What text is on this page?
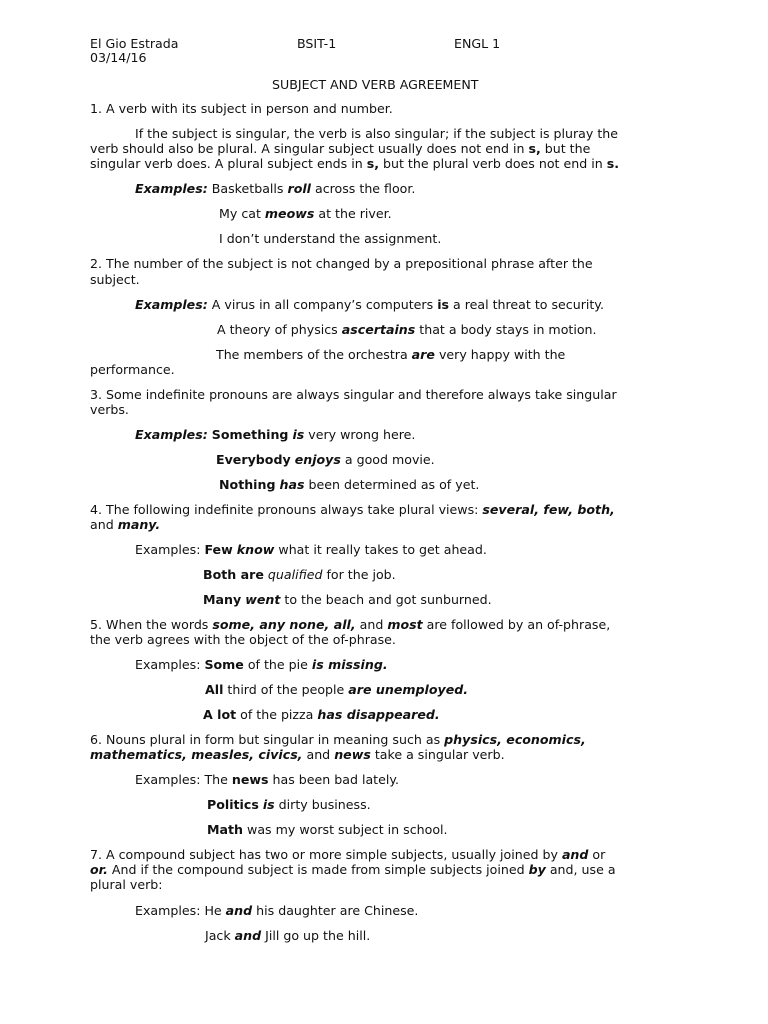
El Gio Estrada	BSIT-1	ENGL 1
03/14/16
SUBJECT AND VERB AGREEMENT
1. A verb with its subject in person and number.
If the subject is singular, the verb is also singular; if the subject is pluray the
verb should also be plural. A singular subject usually does not end in s, but the
singular verb does. A plural subject ends in s, but the plural verb does not end in s.
Examples: Basketballs roll across the floor.
My cat meows at the river.
I don’t understand the assignment.
2. The number of the subject is not changed by a prepositional phrase after the
subject.
Examples: A virus in all company’s computers is a real threat to security.
A theory of physics ascertains that a body stays in motion.
The members of the orchestra are very happy with the
performance.
3. Some indefinite pronouns are always singular and therefore always take singular
verbs.
Examples: Something is very wrong here.
Everybody enjoys a good movie.
Nothing has been determined as of yet.
4. The following indefinite pronouns always take plural views: several, few, both,
and many.
Examples: Few know what it really takes to get ahead.
Both are qualified for the job.
Many went to the beach and got sunburned.
5. When the words some, any none, all, and most are followed by an of-phrase,
the verb agrees with the object of the of-phrase.
Examples: Some of the pie is missing.
All third of the people are unemployed.
A lot of the pizza has disappeared.
6. Nouns plural in form but singular in meaning such as physics, economics,
mathematics, measles, civics, and news take a singular verb.
Examples: The news has been bad lately.
Politics is dirty business.
Math was my worst subject in school.
7. A compound subject has two or more simple subjects, usually joined by and or
or. And if the compound subject is made from simple subjects joined by and, use a
plural verb:
Examples: He and his daughter are Chinese.
Jack and Jill go up the hill.
